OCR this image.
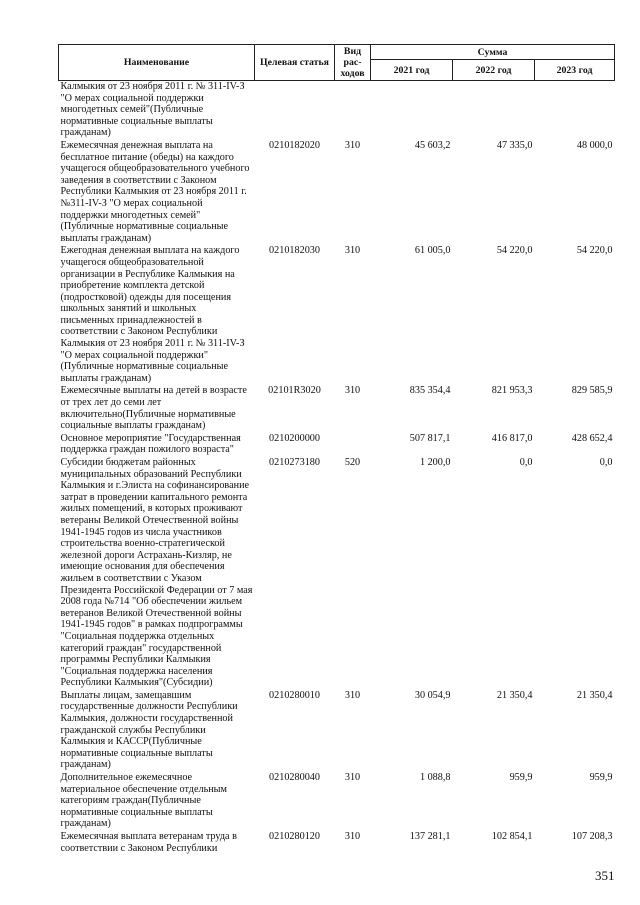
Наименование	Целевая статья	Вид рас-ходов	Сумма		
			2021 год	2022 год	2023 год
Калмыкия от 23 ноября 2011 г. № 311-IV-З "О мерах социальной поддержки многодетных семей"(Публичные нормативные социальные выплаты гражданам)					
Ежемесячная денежная выплата на бесплатное питание (обеды) на каждого учащегося общеобразовательного учебного заведения в соответствии с Законом Республики Калмыкия от 23 ноября 2011 г. №311-IV-З "О мерах социальной поддержки многодетных семей"(Публичные нормативные социальные выплаты гражданам)	0210182020	310	45 603,2	47 335,0	48 000,0
Ежегодная денежная выплата на каждого учащегося общеобразовательной организации в Республике Калмыкия на приобретение комплекта детской (подростковой) одежды для посещения школьных занятий и школьных письменных принадлежностей в соответствии с Законом Республики Калмыкия от 23 ноября 2011 г. № 311-IV-З "О мерах социальной поддержки"(Публичные нормативные социальные выплаты гражданам)	0210182030	310	61 005,0	54 220,0	54 220,0
Ежемесячные выплаты на детей в возрасте от трех лет до семи лет включительно(Публичные нормативные социальные выплаты гражданам)	02101R3020	310	835 354,4	821 953,3	829 585,9
Основное мероприятие "Государственная поддержка граждан пожилого возраста"	0210200000		507 817,1	416 817,0	428 652,4
Субсидии бюджетам районных муниципальных образований Республики Калмыкия и г.Элиста на софинансирование затрат в проведении капитального ремонта жилых помещений, в которых проживают ветераны Великой Отечественной войны 1941-1945 годов из числа участников строительства военно-стратегической железной дороги Астрахань-Кизляр, не имеющие основания для обеспечения жильем в соответствии с Указом Президента Российской Федерации от 7 мая 2008 года №714 "Об обеспечении жильем ветеранов Великой Отечественной войны 1941-1945 годов" в рамках подпрограммы "Социальная поддержка отдельных категорий граждан" государственной программы Республики Калмыкия "Социальная поддержка населения Республики Калмыкия"(Субсидии)	0210273180	520	1 200,0	0,0	0,0
Выплаты лицам, замещавшим государственные должности Республики Калмыкия, должности государственной гражданской службы Республики Калмыкия и КАССР(Публичные нормативные социальные выплаты гражданам)	0210280010	310	30 054,9	21 350,4	21 350,4
Дополнительное ежемесячное материальное обеспечение отдельным категориям граждан(Публичные нормативные социальные выплаты гражданам)	0210280040	310	1 088,8	959,9	959,9
Ежемесячная выплата ветеранам труда в соответствии с Законом Республики	0210280120	310	137 281,1	102 854,1	107 208,3
351
